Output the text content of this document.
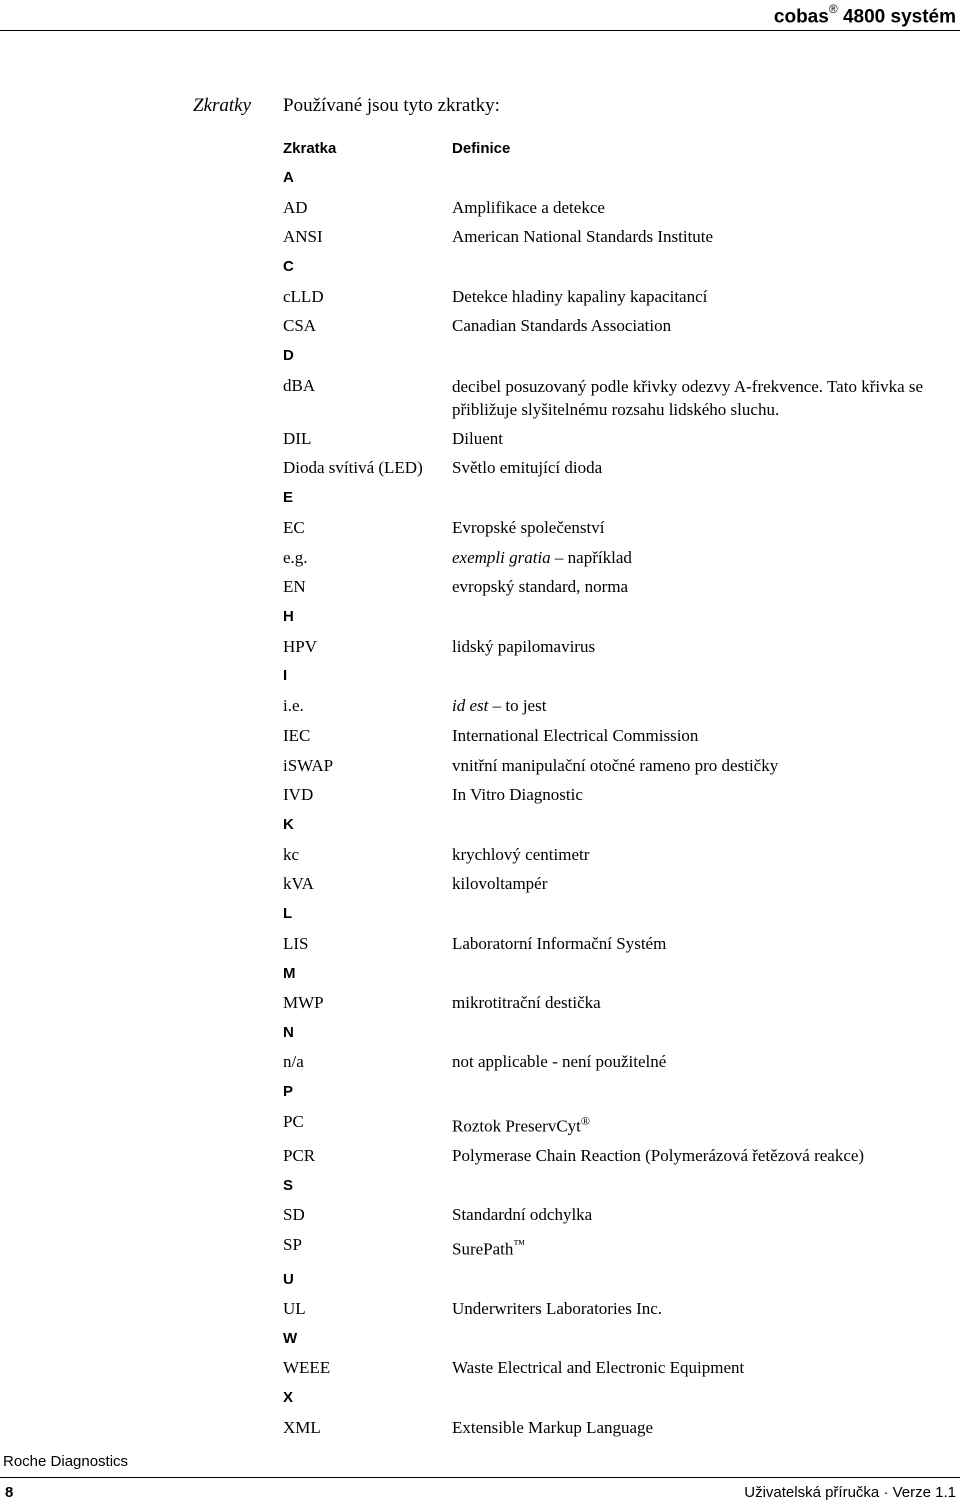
cobas® 4800 systém
Zkratky Používané jsou tyto zkratky:
Zkratka	Definice
A
AD	Amplifikace a detekce
ANSI	American National Standards Institute
C
cLLD	Detekce hladiny kapaliny kapacitancí
CSA	Canadian Standards Association
D
dBA	decibel posuzovaný podle křivky odezvy A-frekvence. Tato křivka se přibližuje slyšitelnému rozsahu lidského sluchu.
DIL	Diluent
Dioda svítivá (LED)	Světlo emitující dioda
E
EC	Evropské společenství
e.g.	exempli gratia – například
EN	evropský standard, norma
H
HPV	lidský papilomavirus
I
i.e.	id est – to jest
IEC	International Electrical Commission
iSWAP	vnitřní manipulační otočné rameno pro destičky
IVD	In Vitro Diagnostic
K
kc	krychlový centimetr
kVA	kilovoltampér
L
LIS	Laboratorní Informační Systém
M
MWP	mikrotitrační destička
N
n/a	not applicable - není použitelné
P
PC	Roztok PreservCyt®
PCR	Polymerase Chain Reaction (Polymerázová řetězová reakce)
S
SD	Standardní odchylka
SP	SurePath™
U
UL	Underwriters Laboratories Inc.
W
WEEE	Waste Electrical and Electronic Equipment
X
XML	Extensible Markup Language
Roche Diagnostics
8	Uživatelská příručka · Verze 1.1
